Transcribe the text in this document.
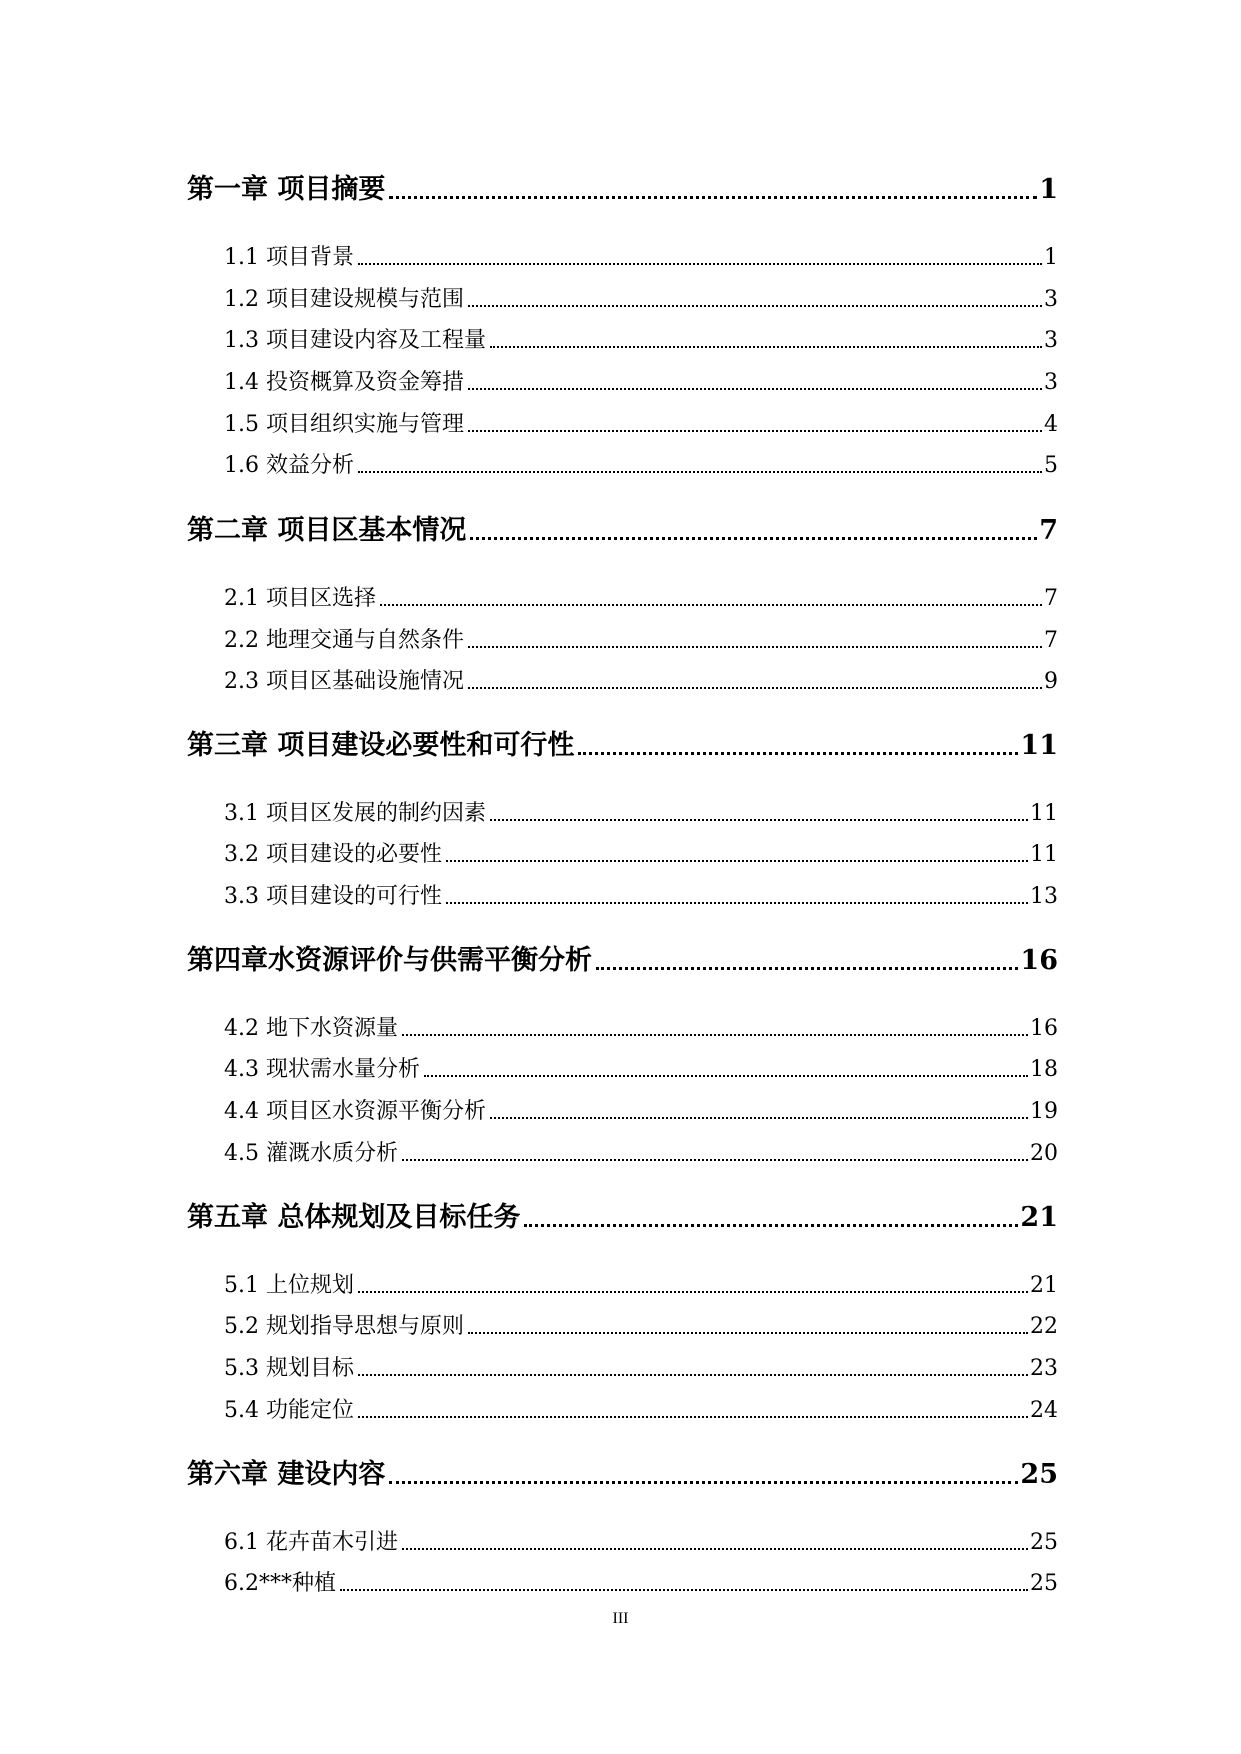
第一章 项目摘要	1
1.1 项目背景	1
1.2 项目建设规模与范围	3
1.3 项目建设内容及工程量	3
1.4 投资概算及资金筹措	3
1.5 项目组织实施与管理	4
1.6 效益分析	5
第二章 项目区基本情况	7
2.1 项目区选择	7
2.2 地理交通与自然条件	7
2.3 项目区基础设施情况	9
第三章 项目建设必要性和可行性	11
3.1 项目区发展的制约因素	11
3.2 项目建设的必要性	11
3.3 项目建设的可行性	13
第四章水资源评价与供需平衡分析	16
4.2 地下水资源量	16
4.3 现状需水量分析	18
4.4 项目区水资源平衡分析	19
4.5 灌溉水质分析	20
第五章 总体规划及目标任务	21
5.1 上位规划	21
5.2 规划指导思想与原则	22
5.3 规划目标	23
5.4 功能定位	24
第六章 建设内容	25
6.1 花卉苗木引进	25
6.2***种植	25
III
